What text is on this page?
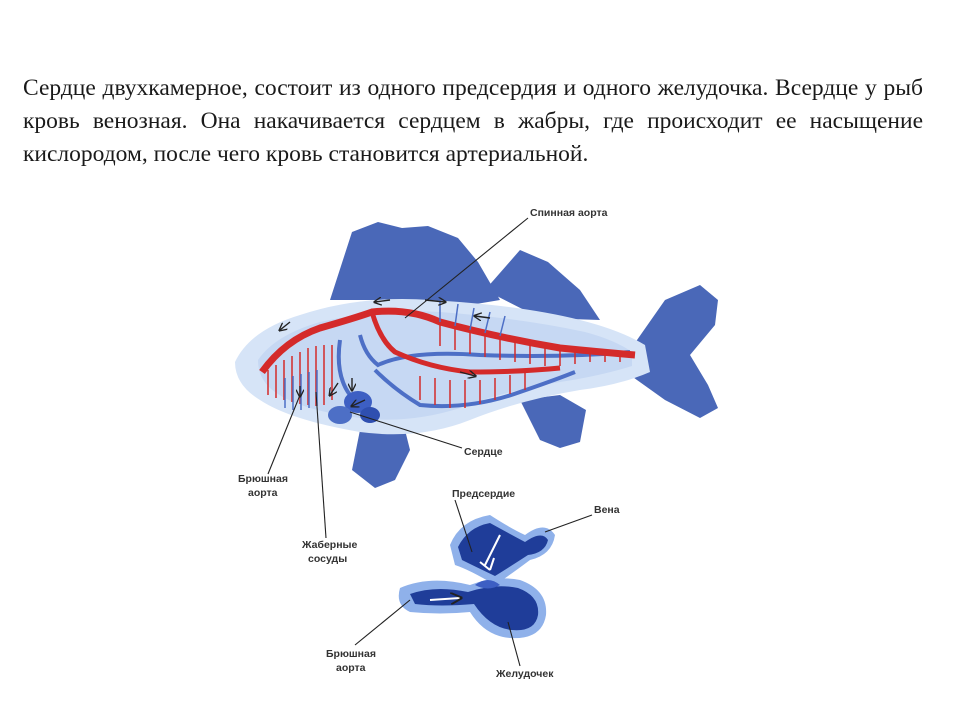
Сердце двухкамерное, состоит из одного предсердия и одного желудочка. Всердце у рыб кровь венозная. Она накачивается сердцем в жабры, где происходит ее насыщение кислородом, после чего кровь становится артериальной.
Спинная аорта
Сердце
Брюшная
аорта
Жаберные
сосуды
Предсердие
Вена
Брюшная
аорта	Желудочек
